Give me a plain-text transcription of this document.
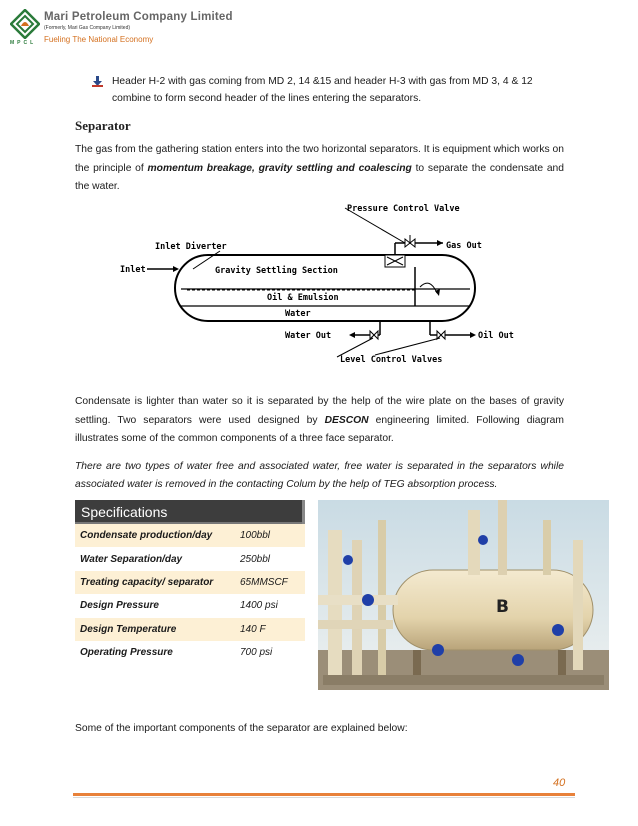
MPCL
Mari Petroleum Company Limited
(Formerly, Mari Gas Company Limited)
Fueling The National Economy
Header H-2 with gas coming from MD 2, 14 &15 and header H-3 with gas from MD 3, 4 & 12 combine to form second header of the lines entering the separators.
Separator
The gas from the gathering station enters into the two horizontal separators. It is equipment which works on the principle of momentum breakage, gravity settling and coalescing to separate the condensate and the water.
Pressure Control Valve
Inlet Diverter	Gas Out
Inlet	Gravity Settling Section
Oil & Emulsion
Water
Water Out	Oil Out
Level Control Valves
Condensate is lighter than water so it is separated by the help of the wire plate on the bases of gravity settling. Two separators were used designed by DESCON engineering limited. Following diagram illustrates some of the common components of a three face separator.
There are two types of water free and associated water, free water is separated in the separators while associated water is removed in the contacting Colum by the help of TEG absorption process.
Specifications
Condensate production/day	100bbl
Water Separation/day	250bbl
Treating capacity/ separator	65MMSCF
Design Pressure	1400 psi
Design Temperature	140 F
Operating Pressure	700 psi
B
Some of the important components of the separator are explained below:
40
